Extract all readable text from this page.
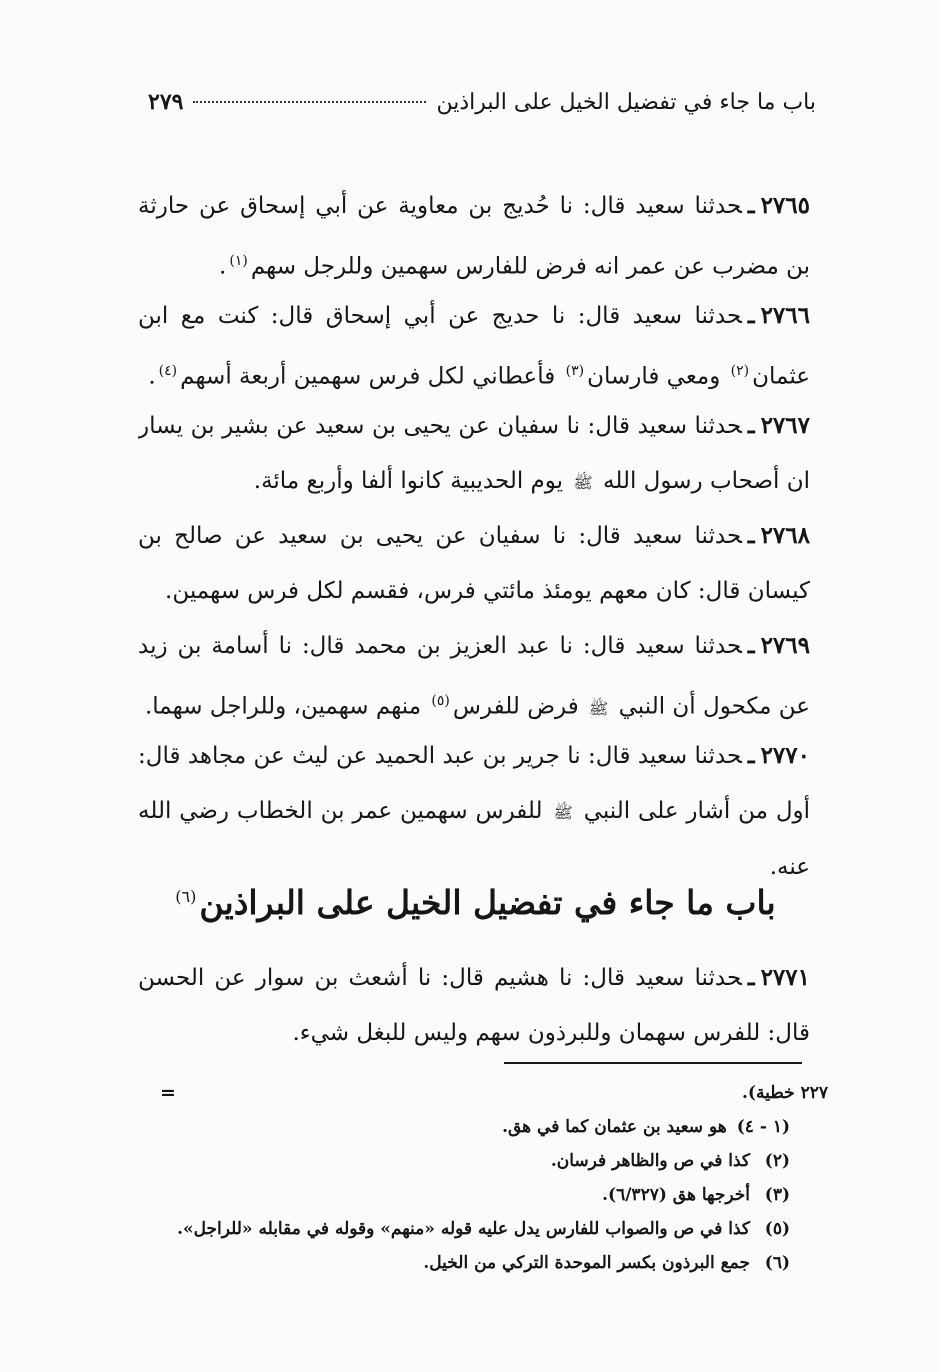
باب ما جاء في تفضيل الخيل على البراذين
٢٧٩

٢٧٦٥ـحدثنا سعيد قال: نا حُديج بن معاوية عن أبي إسحاق عن حارثة بن مضرب عن عمر انه فرض للفارس سهمين وللرجل سهم$^{(١)}$.

٢٧٦٦ـحدثنا سعيد قال: نا حديج عن أبي إسحاق قال: كنت مع ابن عثمان$^{(٢)}$ ومعي فارسان$^{(٣)}$ فأعطاني لكل فرس سهمين أربعة أسهم$^{(٤)}$.

٢٧٦٧ـحدثنا سعيد قال: نا سفيان عن يحيى بن سعيد عن بشير بن يسار ان أصحاب رسول الله ﷺ يوم الحديبية كانوا ألفا وأربع مائة.

٢٧٦٨ـحدثنا سعيد قال: نا سفيان عن يحيى بن سعيد عن صالح بن كيسان قال: كان معهم يومئذ مائتي فرس، فقسم لكل فرس سهمين.

٢٧٦٩ـحدثنا سعيد قال: نا عبد العزيز بن محمد قال: نا أسامة بن زيد عن مكحول أن النبي ﷺ فرض للفرس$^{(٥)}$ منهم سهمين، وللراجل سهما.

٢٧٧٠ـحدثنا سعيد قال: نا جرير بن عبد الحميد عن ليث عن مجاهد قال: أول من أشار على النبي ﷺ للفرس سهمين عمر بن الخطاب رضي الله عنه.

باب ما جاء في تفضيل الخيل على البراذين$^{(٦)}$

٢٧٧١ـحدثنا سعيد قال: نا هشيم قال: نا أشعث بن سوار عن الحسن قال: للفرس سهمان وللبرذون سهم وليس للبغل شيء.

٢٢٧ خطية).
=
(١ - ٤)
هو سعيد بن عثمان كما في هق.
(٢)
كذا في ص والظاهر فرسان.
(٣)
أخرجها هق (٦/٣٢٧).
(٥)
كذا في ص والصواب للفارس يدل عليه قوله «منهم» وقوله في مقابله «للراجل».
(٦)
جمع البرذون بكسر الموحدة التركي من الخيل.
